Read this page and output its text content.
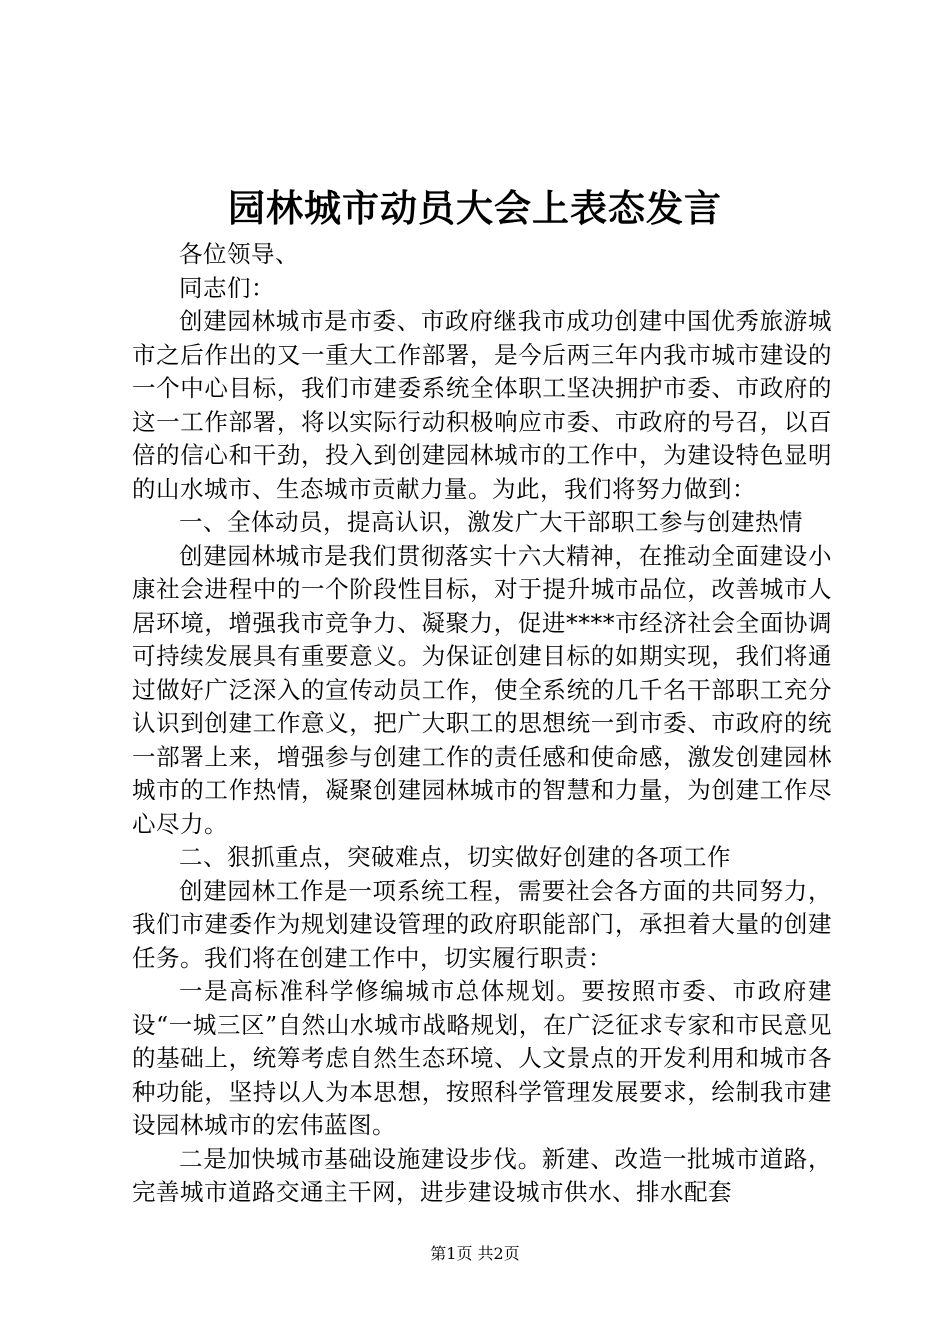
园林城市动员大会上表态发言

各位领导、

同志们：

创建园林城市是市委、市政府继我市成功创建中国优秀旅游城市之后作出的又一重大工作部署，是今后两三年内我市城市建设的一个中心目标，我们市建委系统全体职工坚决拥护市委、市政府的这一工作部署，将以实际行动积极响应市委、市政府的号召，以百倍的信心和干劲，投入到创建园林城市的工作中，为建设特色显明的山水城市、生态城市贡献力量。为此，我们将努力做到：

一、全体动员，提高认识，激发广大干部职工参与创建热情

创建园林城市是我们贯彻落实十六大精神，在推动全面建设小康社会进程中的一个阶段性目标，对于提升城市品位，改善城市人居环境，增强我市竞争力、凝聚力，促进****市经济社会全面协调可持续发展具有重要意义。为保证创建目标的如期实现，我们将通过做好广泛深入的宣传动员工作，使全系统的几千名干部职工充分认识到创建工作意义，把广大职工的思想统一到市委、市政府的统一部署上来，增强参与创建工作的责任感和使命感，激发创建园林城市的工作热情，凝聚创建园林城市的智慧和力量，为创建工作尽心尽力。

二、狠抓重点，突破难点，切实做好创建的各项工作

创建园林工作是一项系统工程，需要社会各方面的共同努力，我们市建委作为规划建设管理的政府职能部门，承担着大量的创建任务。我们将在创建工作中，切实履行职责：

一是高标准科学修编城市总体规划。要按照市委、市政府建设“一城三区”自然山水城市战略规划，在广泛征求专家和市民意见的基础上，统筹考虑自然生态环境、人文景点的开发利用和城市各种功能，坚持以人为本思想，按照科学管理发展要求，绘制我市建设园林城市的宏伟蓝图。

二是加快城市基础设施建设步伐。新建、改造一批城市道路，完善城市道路交通主干网，进步建设城市供水、排水配套

第1页 共2页
